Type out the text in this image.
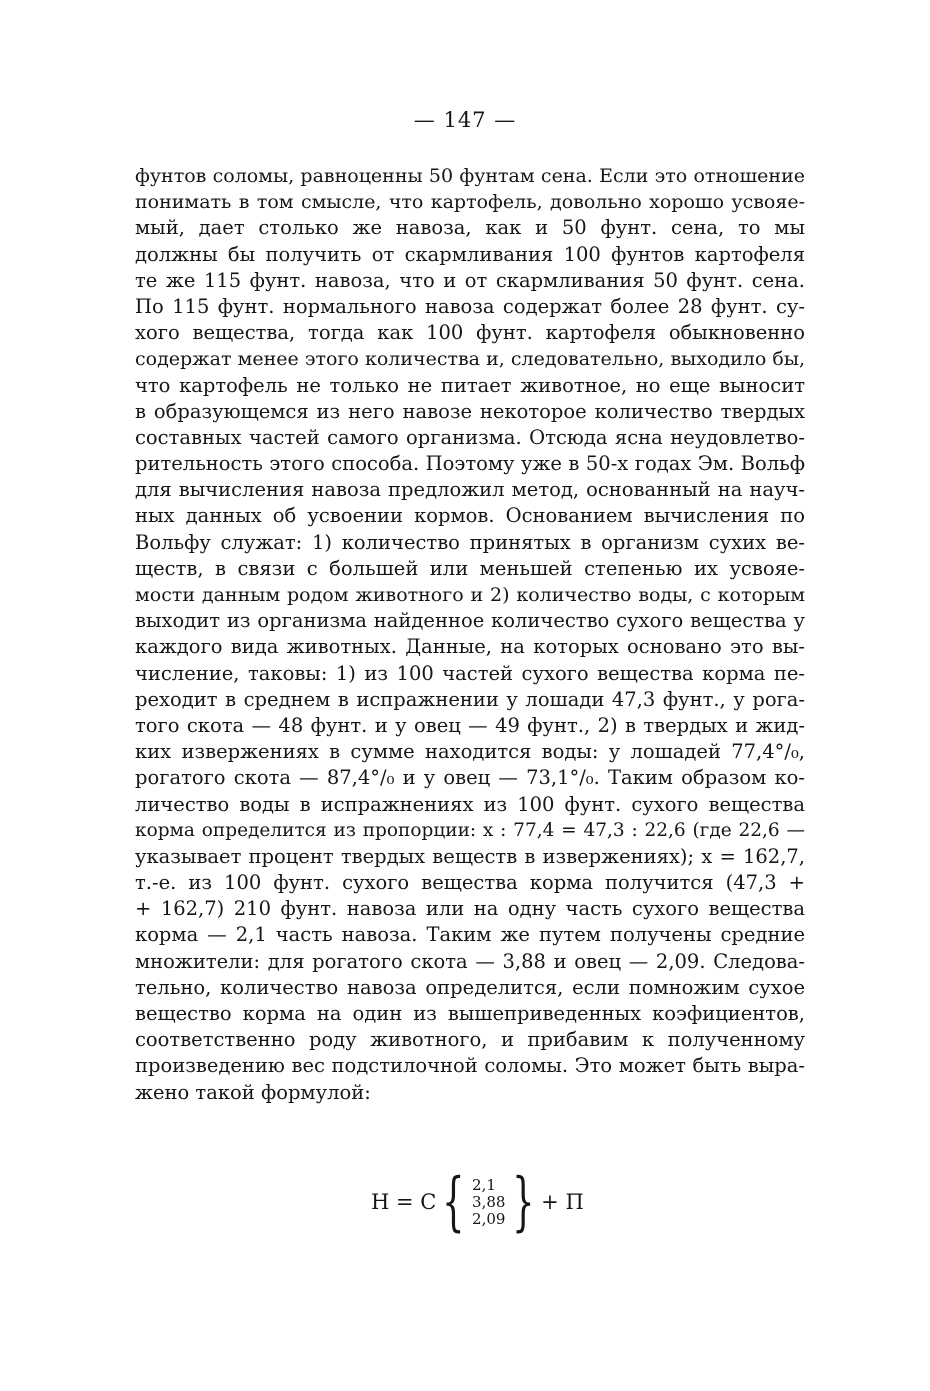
— 147 —
фунтов соломы, равноценны 50 фунтам сена. Если это отношение
понимать в том смысле, что картофель, довольно хорошо усвояе-
мый, дает столько же навоза, как и 50 фунт. сена, то мы
должны бы получить от скармливания 100 фунтов картофеля
те же 115 фунт. навоза, что и от скармливания 50 фунт. сена.
По 115 фунт. нормального навоза содержат более 28 фунт. су-
хого вещества, тогда как 100 фунт. картофеля обыкновенно
содержат менее этого количества и, следовательно, выходило бы,
что картофель не только не питает животное, но еще выносит
в образующемся из него навозе некоторое количество твердых
составных частей самого организма. Отсюда ясна неудовлетво-
рительность этого способа. Поэтому уже в 50-х годах Эм. Вольф
для вычисления навоза предложил метод, основанный на науч-
ных данных об усвоении кормов. Основанием вычисления по
Вольфу служат: 1) количество принятых в организм сухих ве-
ществ, в связи с большей или меньшей степенью их усвояе-
мости данным родом животного и 2) количество воды, с которым
выходит из организма найденное количество сухого вещества у
каждого вида животных. Данные, на которых основано это вы-
числение, таковы: 1) из 100 частей сухого вещества корма пе-
реходит в среднем в испражнении у лошади 47,3 фунт., у рога-
того скота — 48 фунт. и у овец — 49 фунт., 2) в твердых и жид-
ких извержениях в сумме находится воды: у лошадей 77,4°/₀,
рогатого скота — 87,4°/₀ и у овец — 73,1°/₀. Таким образом ко-
личество воды в испражнениях из 100 фунт. сухого вещества
корма определится из пропорции: x : 77,4 = 47,3 : 22,6 (где 22,6 —
указывает процент твердых веществ в извержениях); x = 162,7,
т.-е. из 100 фунт. сухого вещества корма получится (47,3 +
+ 162,7) 210 фунт. навоза или на одну часть сухого вещества
корма — 2,1 часть навоза. Таким же путем получены средние
множители: для рогатого скота — 3,88 и овец — 2,09. Следова-
тельно, количество навоза определится, если помножим сухое
вещество корма на один из вышеприведенных коэфициентов,
соответственно роду животного, и прибавим к полученному
произведению вес подстилочной соломы. Это может быть выра-
жено такой формулой:
H = C { 2,1
3,88
2,09 } + П
